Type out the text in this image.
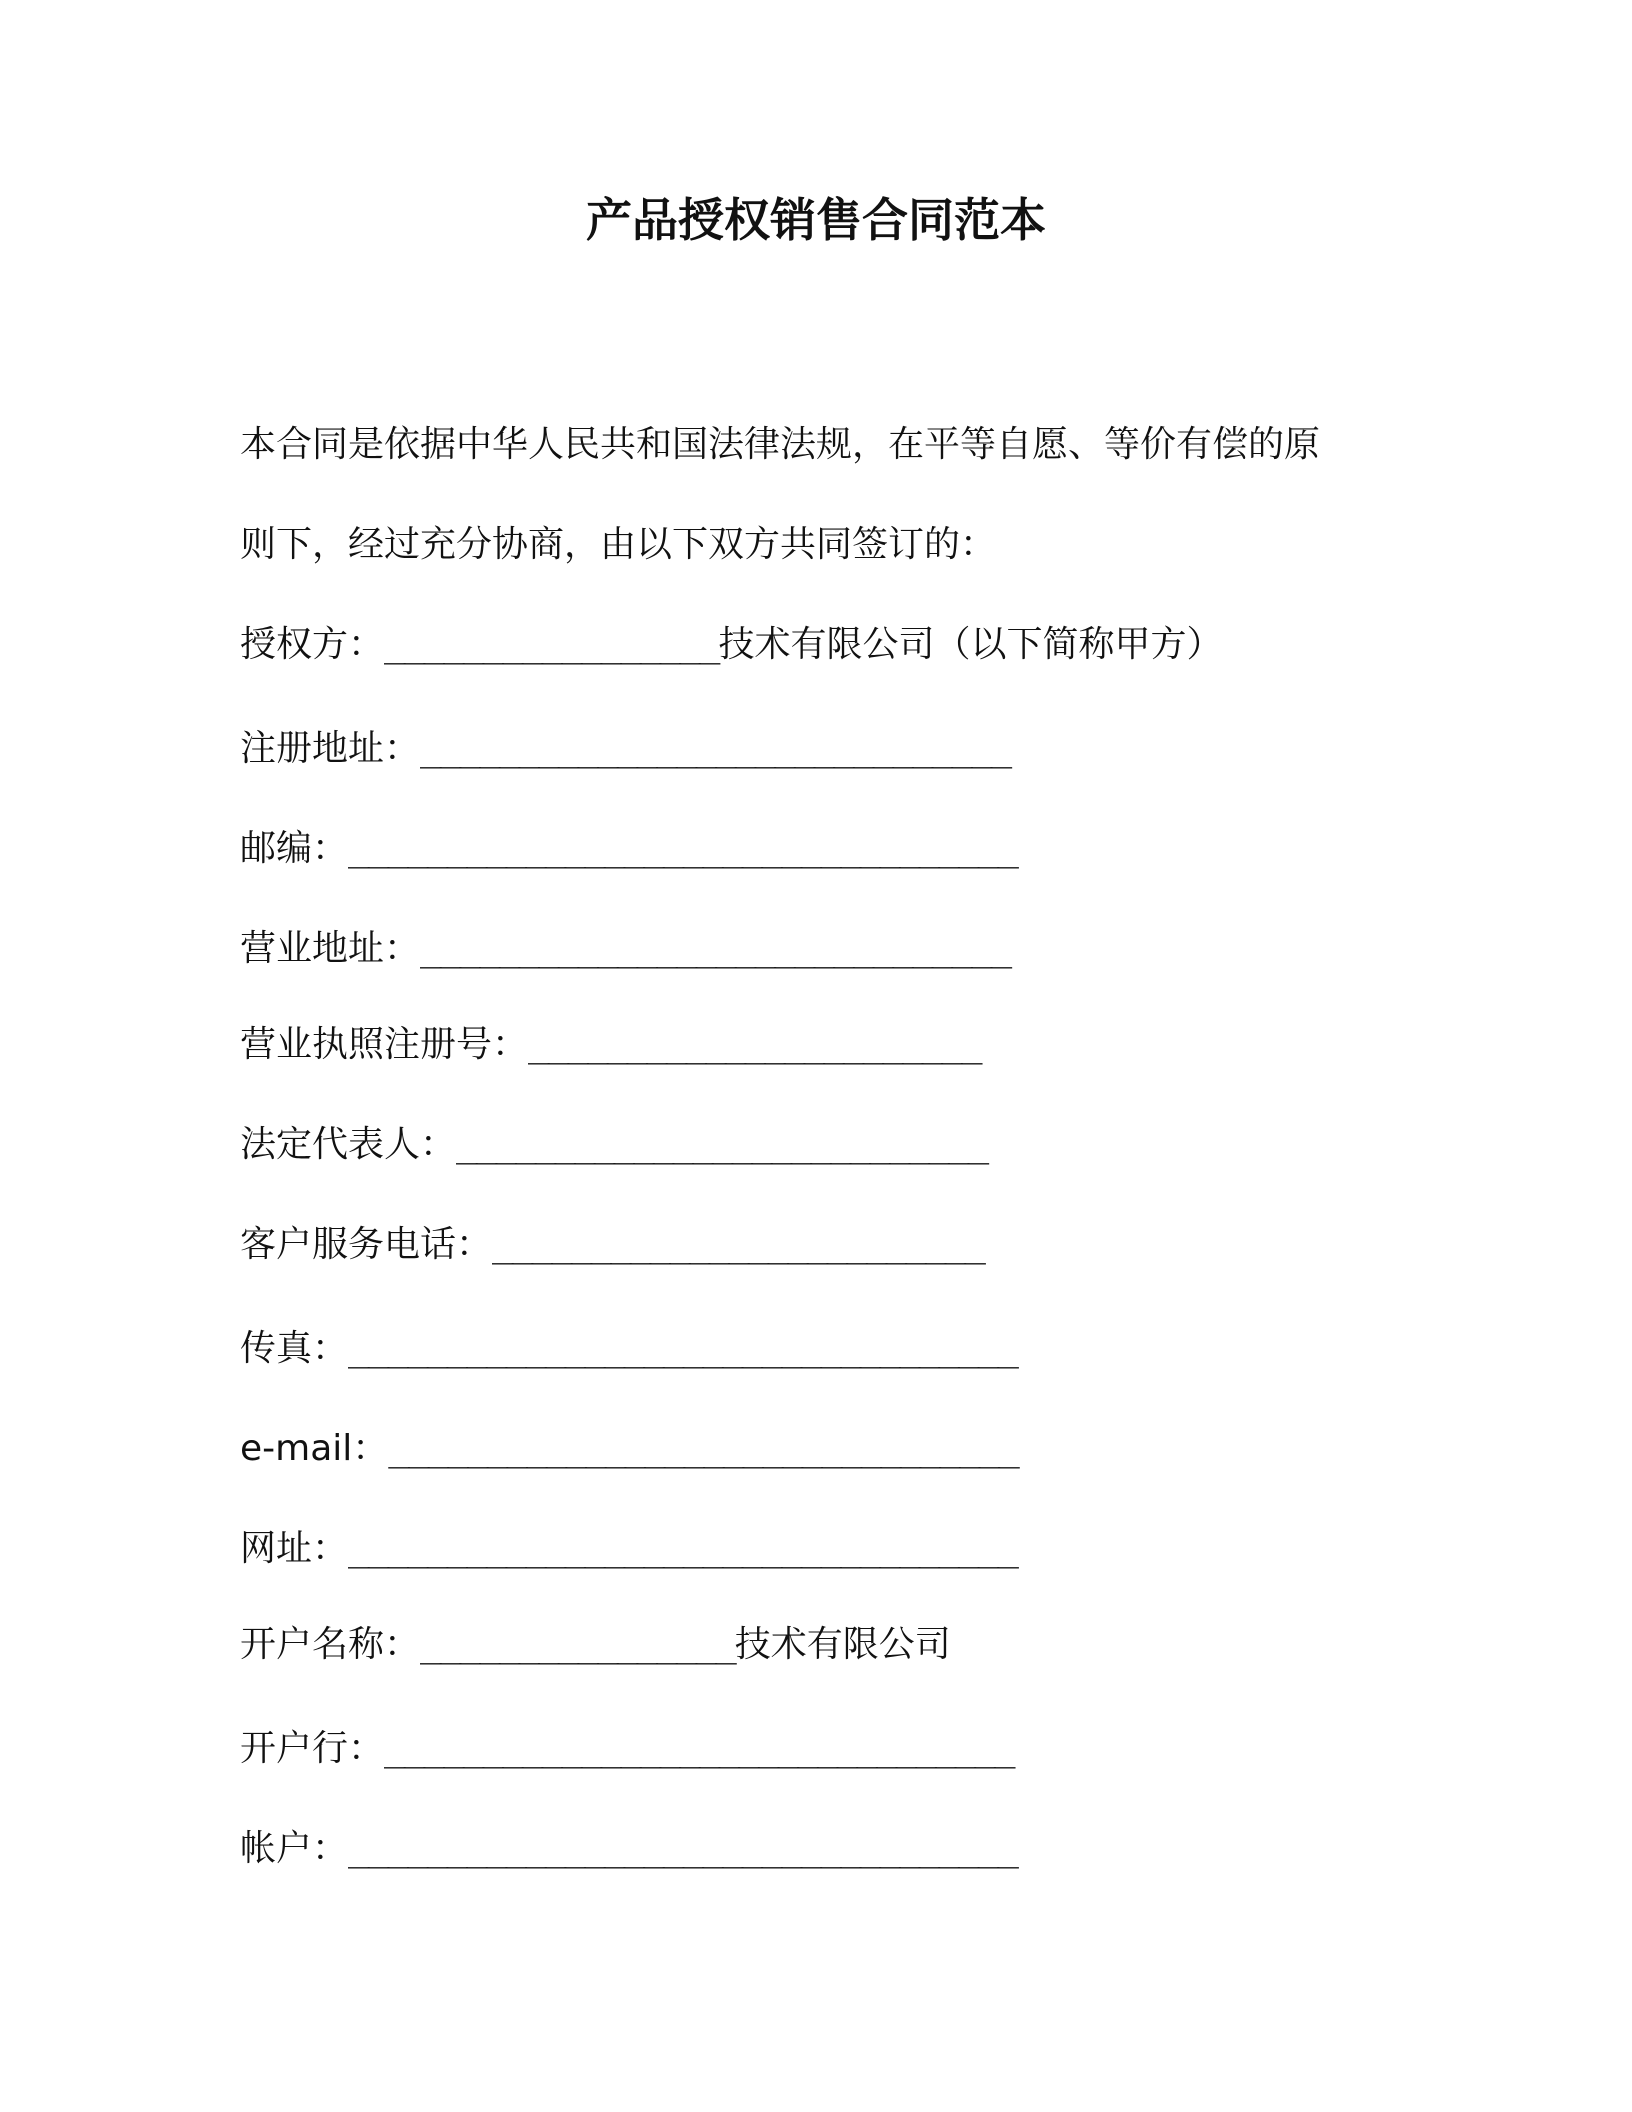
产品授权销售合同范本
本合同是依据中华人民共和国法律法规，在平等自愿、等价有偿的原
则下，经过充分协商，由以下双方共同签订的：
授权方：_________________技术有限公司（以下简称甲方）
注册地址：______________________________
邮编：__________________________________
营业地址：______________________________
营业执照注册号：_______________________
法定代表人：___________________________
客户服务电话：_________________________
传真：__________________________________
e-mail：________________________________
网址：__________________________________
开户名称：________________技术有限公司
开户行：________________________________
帐户：__________________________________
